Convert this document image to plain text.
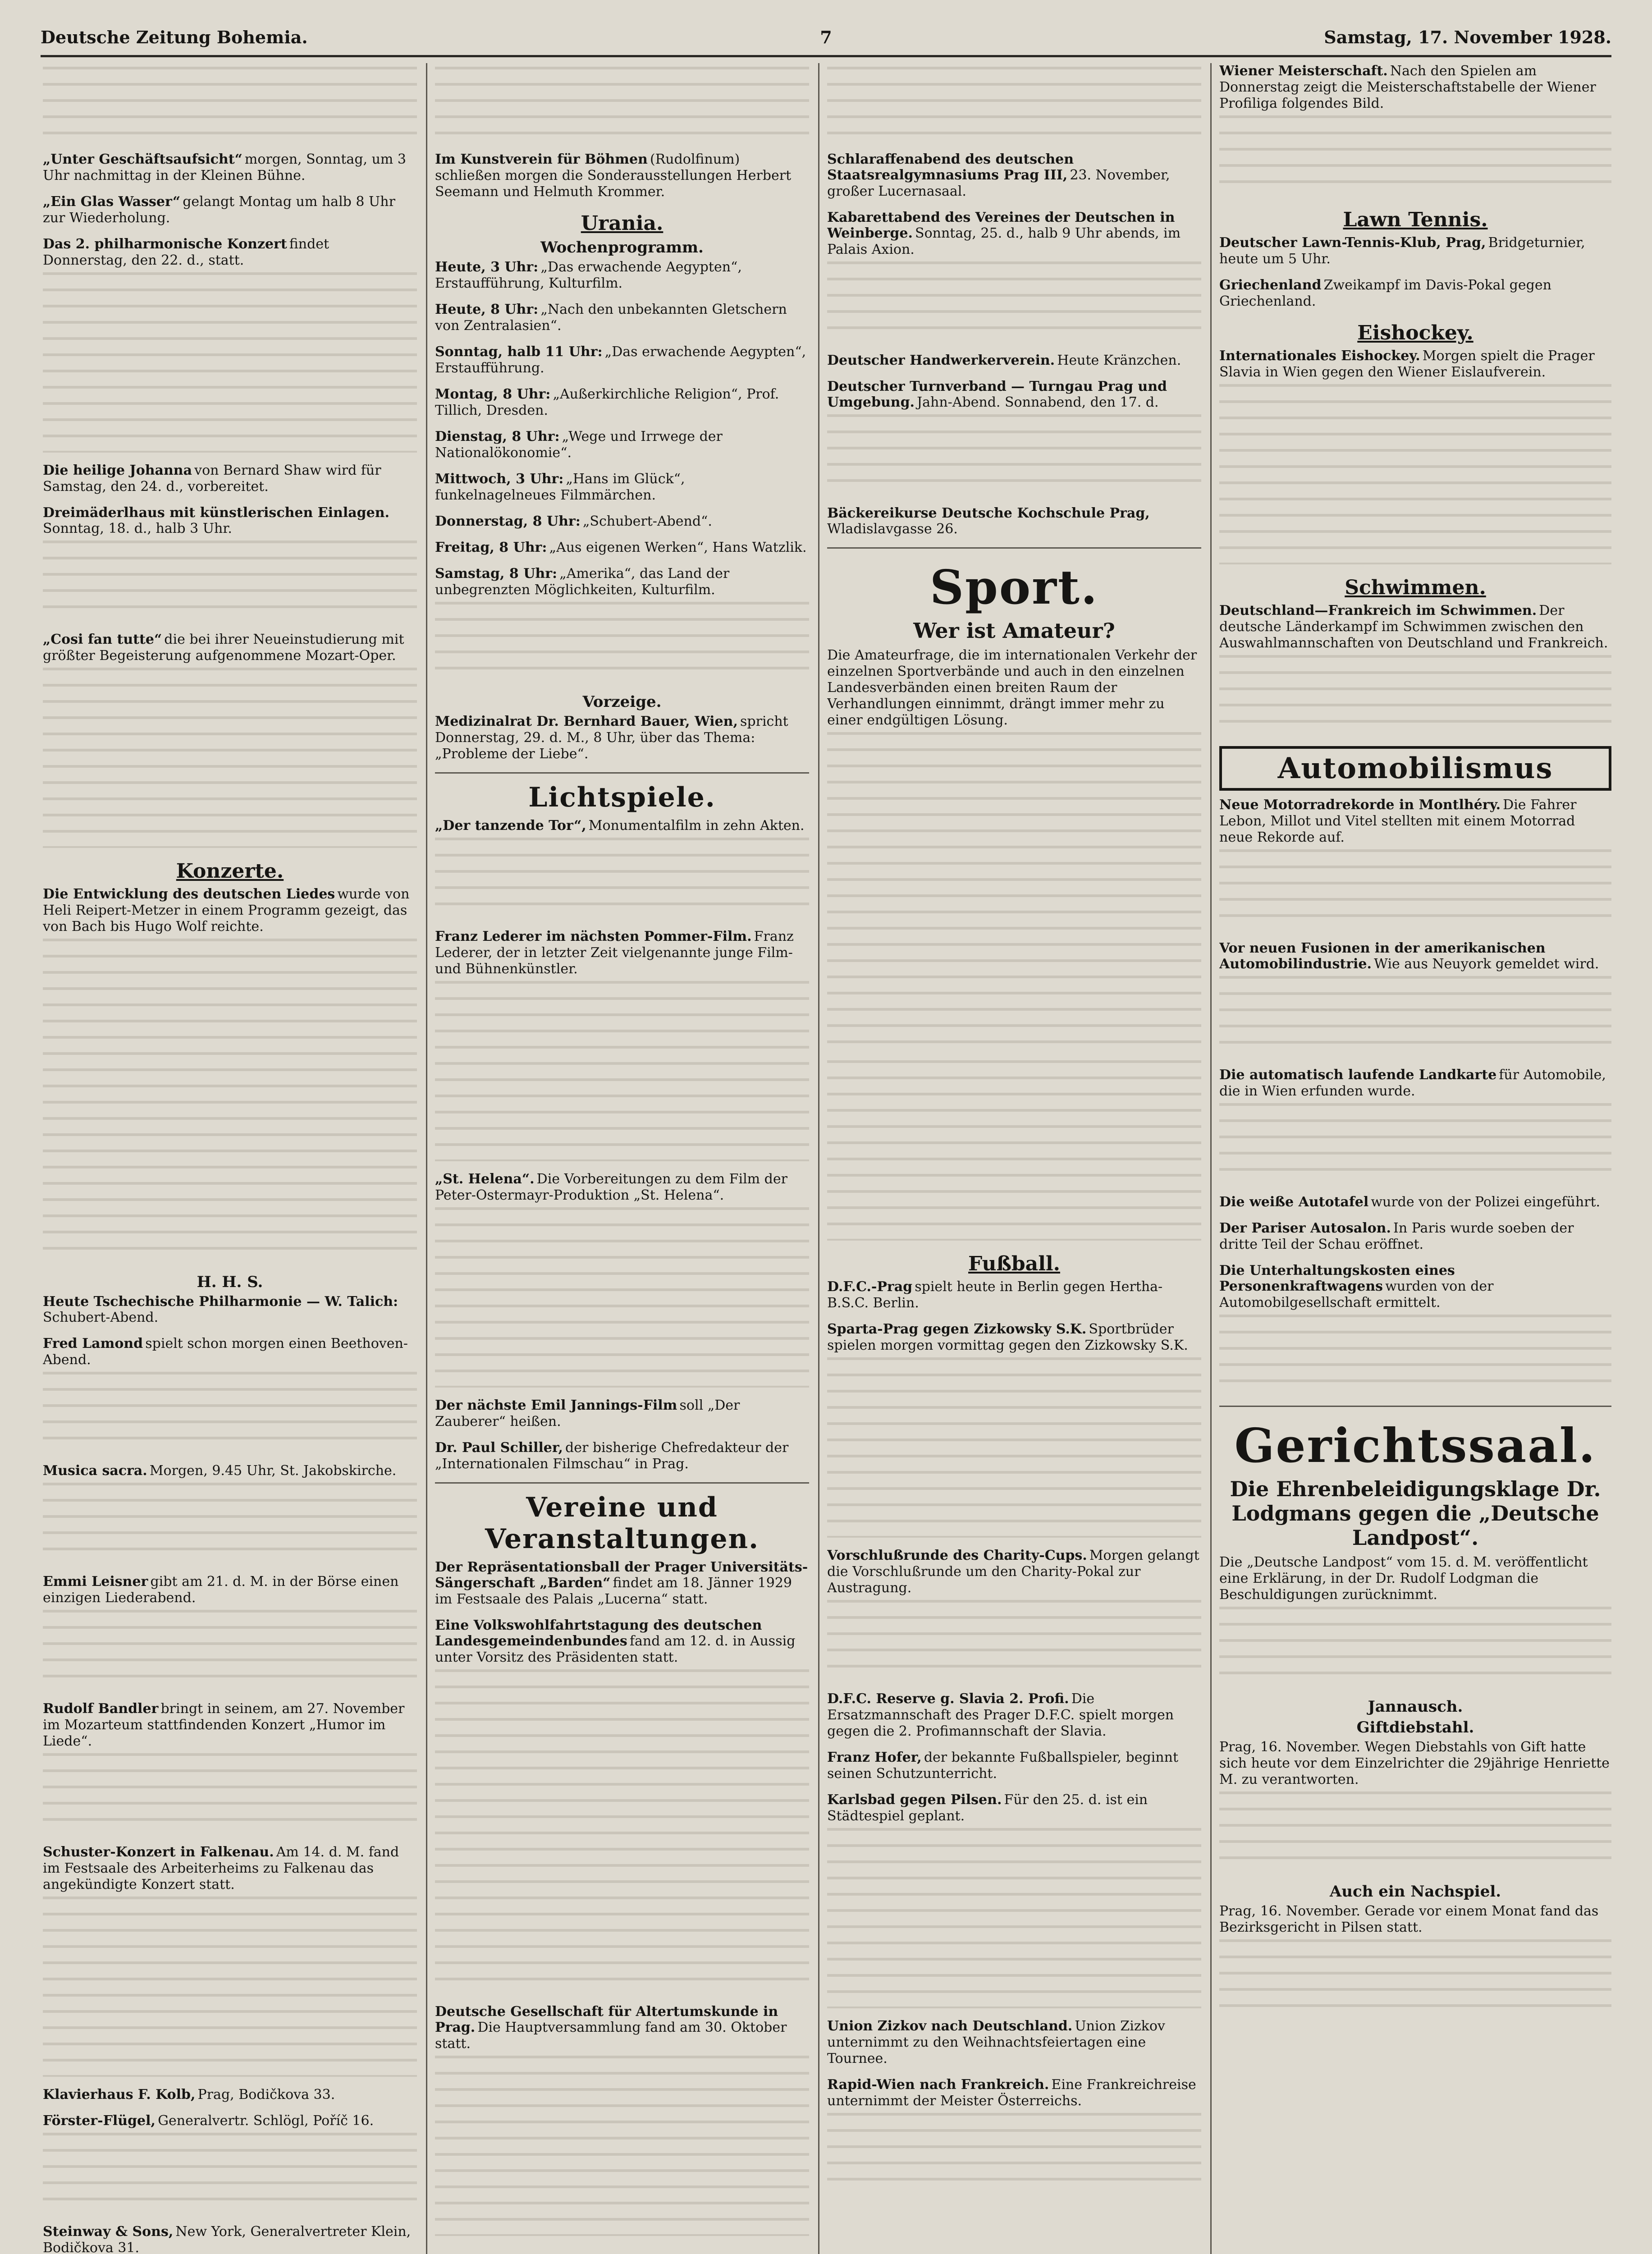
Deutsche Zeitung Bohemia.	7	Samstag, 17. November 1928.
„Unter Geschäftsaufsicht“ morgen, Sonntag, um 3 Uhr nachmittag in der Kleinen Bühne.
„Ein Glas Wasser“ gelangt Montag um halb 8 Uhr zur Wiederholung.
Das 2. philharmonische Konzert findet Donnerstag, den 22. d., statt.
Die heilige Johanna von Bernard Shaw wird für Samstag, den 24. d., vorbereitet.
Dreimäderlhaus mit künstlerischen Einlagen. Sonntag, 18. d., halb 3 Uhr.
„Cosi fan tutte“ die bei ihrer Neueinstudierung mit größter Begeisterung aufgenommene Mozart-Oper.
Konzerte.
Die Entwicklung des deutschen Liedes wurde von Heli Reipert-Metzer in einem Programm gezeigt, das von Bach bis Hugo Wolf reichte.
H. H. S.
Heute Tschechische Philharmonie — W. Talich: Schubert-Abend.
Fred Lamond spielt schon morgen einen Beethoven-Abend.
Musica sacra. Morgen, 9.45 Uhr, St. Jakobskirche.
Emmi Leisner gibt am 21. d. M. in der Börse einen einzigen Liederabend.
Rudolf Bandler bringt in seinem, am 27. November im Mozarteum stattfindenden Konzert „Humor im Liede“.
Schuster-Konzert in Falkenau. Am 14. d. M. fand im Festsaale des Arbeiterheims zu Falkenau das angekündigte Konzert statt.
Klavierhaus F. Kolb, Prag, Bodičkova 33.
Förster-Flügel, Generalvertr. Schlögl, Poříč 16.
Steinway & Sons, New York, Generalvertreter Klein, Bodičkova 31.
Im Kunstverein für Böhmen (Rudolfinum) schließen morgen die Sonderausstellungen Herbert Seemann und Helmuth Krommer.
Urania.
Wochenprogramm.
Heute, 3 Uhr: „Das erwachende Aegypten“, Erstaufführung, Kulturfilm.
Heute, 8 Uhr: „Nach den unbekannten Gletschern von Zentralasien“.
Sonntag, halb 11 Uhr: „Das erwachende Aegypten“, Erstaufführung.
Montag, 8 Uhr: „Außerkirchliche Religion“, Prof. Tillich, Dresden.
Dienstag, 8 Uhr: „Wege und Irrwege der Nationalökonomie“.
Mittwoch, 3 Uhr: „Hans im Glück“, funkelnagelneues Filmmärchen.
Donnerstag, 8 Uhr: „Schubert-Abend“.
Freitag, 8 Uhr: „Aus eigenen Werken“, Hans Watzlik.
Samstag, 8 Uhr: „Amerika“, das Land der unbegrenzten Möglichkeiten, Kulturfilm.
Vorzeige.
Medizinalrat Dr. Bernhard Bauer, Wien, spricht Donnerstag, 29. d. M., 8 Uhr, über das Thema: „Probleme der Liebe“.
Lichtspiele.
„Der tanzende Tor“, Monumentalfilm in zehn Akten.
Franz Lederer im nächsten Pommer-Film. Franz Lederer, der in letzter Zeit vielgenannte junge Film- und Bühnenkünstler.
„St. Helena“. Die Vorbereitungen zu dem Film der Peter-Ostermayr-Produktion „St. Helena“.
Der nächste Emil Jannings-Film soll „Der Zauberer“ heißen.
Dr. Paul Schiller, der bisherige Chefredakteur der „Internationalen Filmschau“ in Prag.
Vereine und Veranstaltungen.
Der Repräsentationsball der Prager Universitäts-Sängerschaft „Barden“ findet am 18. Jänner 1929 im Festsaale des Palais „Lucerna“ statt.
Eine Volkswohlfahrtstagung des deutschen Landesgemeindenbundes fand am 12. d. in Aussig unter Vorsitz des Präsidenten statt.
Deutsche Gesellschaft für Altertumskunde in Prag. Die Hauptversammlung fand am 30. Oktober statt.
Schlaraffenabend des deutschen Staatsrealgymnasiums Prag III, 23. November, großer Lucernasaal.
Kabarettabend des Vereines der Deutschen in Weinberge. Sonntag, 25. d., halb 9 Uhr abends, im Palais Axion.
Deutscher Handwerkerverein. Heute Kränzchen.
Deutscher Turnverband — Turngau Prag und Umgebung. Jahn-Abend. Sonnabend, den 17. d.
Bäckereikurse Deutsche Kochschule Prag, Wladislavgasse 26.
Sport.
Wer ist Amateur?
Die Amateurfrage, die im internationalen Verkehr der einzelnen Sportverbände und auch in den einzelnen Landesverbänden einen breiten Raum der Verhandlungen einnimmt, drängt immer mehr zu einer endgültigen Lösung.
Fußball.
D.F.C.-Prag spielt heute in Berlin gegen Hertha-B.S.C. Berlin.
Sparta-Prag gegen Zizkowsky S.K. Sportbrüder spielen morgen vormittag gegen den Zizkowsky S.K.
Vorschlußrunde des Charity-Cups. Morgen gelangt die Vorschlußrunde um den Charity-Pokal zur Austragung.
D.F.C. Reserve g. Slavia 2. Profi. Die Ersatzmannschaft des Prager D.F.C. spielt morgen gegen die 2. Profimannschaft der Slavia.
Franz Hofer, der bekannte Fußballspieler, beginnt seinen Schutzunterricht.
Karlsbad gegen Pilsen. Für den 25. d. ist ein Städtespiel geplant.
Union Zizkov nach Deutschland. Union Zizkov unternimmt zu den Weihnachtsfeiertagen eine Tournee.
Rapid-Wien nach Frankreich. Eine Frankreichreise unternimmt der Meister Österreichs.
Wiener Meisterschaft. Nach den Spielen am Donnerstag zeigt die Meisterschaftstabelle der Wiener Profiliga folgendes Bild.
Lawn Tennis.
Deutscher Lawn-Tennis-Klub, Prag, Bridgeturnier, heute um 5 Uhr.
Griechenland Zweikampf im Davis-Pokal gegen Griechenland.
Eishockey.
Internationales Eishockey. Morgen spielt die Prager Slavia in Wien gegen den Wiener Eislaufverein.
Schwimmen.
Deutschland—Frankreich im Schwimmen. Der deutsche Länderkampf im Schwimmen zwischen den Auswahlmannschaften von Deutschland und Frankreich.
Automobilismus
Neue Motorradrekorde in Montlhéry. Die Fahrer Lebon, Millot und Vitel stellten mit einem Motorrad neue Rekorde auf.
Vor neuen Fusionen in der amerikanischen Automobilindustrie. Wie aus Neuyork gemeldet wird.
Die automatisch laufende Landkarte für Automobile, die in Wien erfunden wurde.
Die weiße Autotafel wurde von der Polizei eingeführt.
Der Pariser Autosalon. In Paris wurde soeben der dritte Teil der Schau eröffnet.
Die Unterhaltungskosten eines Personenkraftwagens wurden von der Automobilgesellschaft ermittelt.
Gerichtssaal.
Die Ehrenbeleidigungsklage Dr. Lodgmans gegen die „Deutsche Landpost“.
Die „Deutsche Landpost“ vom 15. d. M. veröffentlicht eine Erklärung, in der Dr. Rudolf Lodgman die Beschuldigungen zurücknimmt.
Jannausch.
Giftdiebstahl.
Prag, 16. November. Wegen Diebstahls von Gift hatte sich heute vor dem Einzelrichter die 29jährige Henriette M. zu verantworten.
Auch ein Nachspiel.
Prag, 16. November. Gerade vor einem Monat fand das Bezirksgericht in Pilsen statt.
